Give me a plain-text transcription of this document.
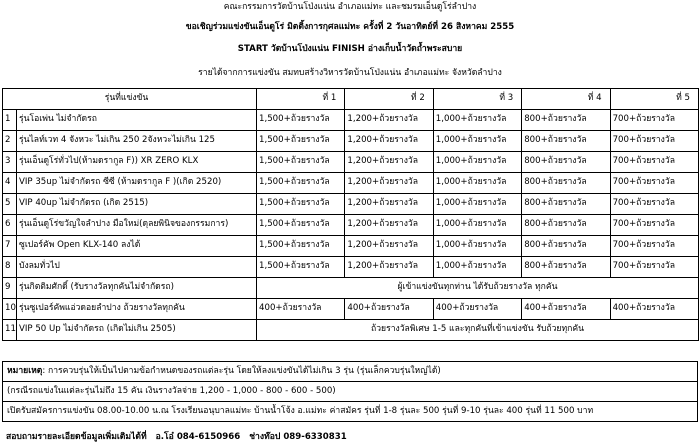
คณะกรรมการวัดบ้านโป่งแน่น อำเภอแม่ทะ และชมรมเอ็นดูโร่ลำปาง
ขอเชิญร่วมแข่งขันเอ็นดูโร่ มิตติ้งการกุศลแม่ทะ ครั้งที่ 2 วันอาทิตย์ที่ 26 สิงหาคม 2555
START วัดบ้านโป่งแน่น FINISH อ่างเก็บน้ำวัดถ้ำพระสบาย
รายได้จากการแข่งขัน สมทบสร้างวิหารวัดบ้านโป่งแน่น อำเภอแม่ทะ จังหวัดลำปาง
รุ่นที่แข่งขัน		ที่ 1	ที่ 2	ที่ 3	ที่ 4	ที่ 5
1	รุ่นโอเพ่น ไม่จำกัดรถ	1,500+ถ้วยรางวัล	1,200+ถ้วยรางวัล	1,000+ถ้วยรางวัล	800+ถ้วยรางวัล	700+ถ้วยรางวัล
2	รุ่นไลท์เวท 4 จังหวะ ไม่เกิน 250 2จังหวะไม่เกิน 125	1,500+ถ้วยรางวัล	1,200+ถ้วยรางวัล	1,000+ถ้วยรางวัล	800+ถ้วยรางวัล	700+ถ้วยรางวัล
3	รุ่นเอ็นดูโร่ทั่วไป(ห้ามดรากูล F)) XR ZERO KLX	1,500+ถ้วยรางวัล	1,200+ถ้วยรางวัล	1,000+ถ้วยรางวัล	800+ถ้วยรางวัล	700+ถ้วยรางวัล
4	VIP 35up ไม่จำกัดรถ ซีซี (ห้ามดรากูล F )(เกิด 2520)	1,500+ถ้วยรางวัล	1,200+ถ้วยรางวัล	1,000+ถ้วยรางวัล	800+ถ้วยรางวัล	700+ถ้วยรางวัล
5	VIP 40up ไม่จำกัดรถ (เกิด 2515)	1,500+ถ้วยรางวัล	1,200+ถ้วยรางวัล	1,000+ถ้วยรางวัล	800+ถ้วยรางวัล	700+ถ้วยรางวัล
6	รุ่นเอ็นดูโร่ขวัญใจลำปาง มือใหม่(ดุลยพินิจของกรรมการ)	1,500+ถ้วยรางวัล	1,200+ถ้วยรางวัล	1,000+ถ้วยรางวัล	800+ถ้วยรางวัล	700+ถ้วยรางวัล
7	ซูเปอร์คัพ Open KLX-140 ลงได้	1,500+ถ้วยรางวัล	1,200+ถ้วยรางวัล	1,000+ถ้วยรางวัล	800+ถ้วยรางวัล	700+ถ้วยรางวัล
8	บังลมทั่วไป	1,500+ถ้วยรางวัล	1,200+ถ้วยรางวัล	1,000+ถ้วยรางวัล	800+ถ้วยรางวัล	700+ถ้วยรางวัล
9	รุ่นกิตติมศักดิ์ (รับรางวัลทุกคันไม่จำกัดรถ)	ผู้เข้าแข่งขันทุกท่าน ได้รับถ้วยรางวัล ทุกคัน				
10	รุ่นซูเปอร์คัพแอ่วดอยลำปาง ถ้วยรางวัลทุกคัน	400+ถ้วยรางวัล	400+ถ้วยรางวัล	400+ถ้วยรางวัล	400+ถ้วยรางวัล	400+ถ้วยรางวัล
11	VIP 50 Up ไม่จำกัดรถ (เกิดไม่เกิน 2505)	ถ้วยรางวัลพิเศษ 1-5 และทุกคันที่เข้าแข่งขัน รับถ้วยทุกคัน				
หมายเหตุ: การควบรุ่นให้เป็นไปตามข้อกำหนดของรถแต่ละรุ่น โดยให้ลงแข่งขันได้ไม่เกิน 3 รุ่น (รุ่นเล็กควบรุ่นใหญ่ได้)
(กรณีรถแข่งในแต่ละรุ่นไม่ถึง 15 คัน เงินรางวัลจ่าย 1,200 - 1,000 - 800 - 600 - 500)
เปิดรับสมัครการแข่งขัน 08.00-10.00 น.ณ โรงเรียนอนุบาลแม่ทะ บ้านน้ำโจ้ง อ.แม่ทะ ค่าสมัคร รุ่นที่ 1-8 รุ่นละ 500 รุ่นที่ 9-10 รุ่นละ 400 รุ่นที่ 11 500 บาท
สอบถามรายละเอียดข้อมูลเพิ่มเติมได้ที่ อ.โอ๋ 084-6150966 ช่างท๊อป 089-6330831
